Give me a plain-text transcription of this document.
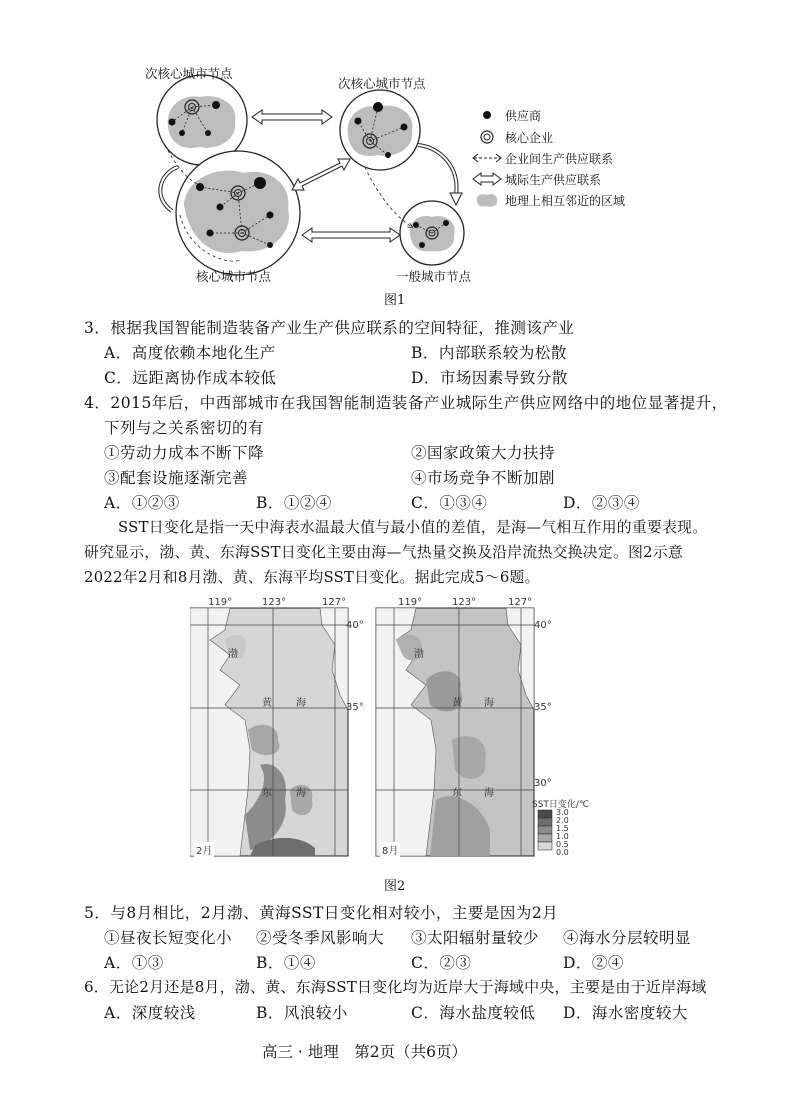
次核心城市节点
次核心城市节点
核心城市节点	一般城市节点
供应商
核心企业
企业间生产供应联系
城际生产供应联系
地理上相互邻近的区域
图1
3．根据我国智能制造装备产业生产供应联系的空间特征，推测该产业
A．高度依赖本地化生产	B．内部联系较为松散
C．远距离协作成本较低	D．市场因素导致分散
4．2015年后，中西部城市在我国智能制造装备产业城际生产供应网络中的地位显著提升，
下列与之关系密切的有
①劳动力成本不断下降	②国家政策大力扶持
③配套设施逐渐完善	④市场竞争不断加剧
A．①②③	B．①②④	C．①③④	D．②③④
SST日变化是指一天中海表水温最大值与最小值的差值，是海—气相互作用的重要表现。
研究显示，渤、黄、东海SST日变化主要由海—气热量交换及沿岸流热交换决定。图2示意
2022年2月和8月渤、黄、东海平均SST日变化。据此完成5～6题。
119°	123°	127°	119°	123°	127°
40°
35°
40°
35°
30°
渤
黄 海
东 海
渤
黄 海
东 海
2月	8月
SST日变化/℃
3.0
2.0
1.5
1.0
0.5
0.0
图2
5．与8月相比，2月渤、黄海SST日变化相对较小，主要是因为2月
①昼夜长短变化小 ②受冬季风影响大 ③太阳辐射量较少 ④海水分层较明显
A．①③	B．①④	C．②③	D．②④
6．无论2月还是8月，渤、黄、东海SST日变化均为近岸大于海域中央，主要是由于近岸海域
A．深度较浅	B．风浪较小	C．海水盐度较低 D．海水密度较大
高三 · 地理　第2页（共6页）
